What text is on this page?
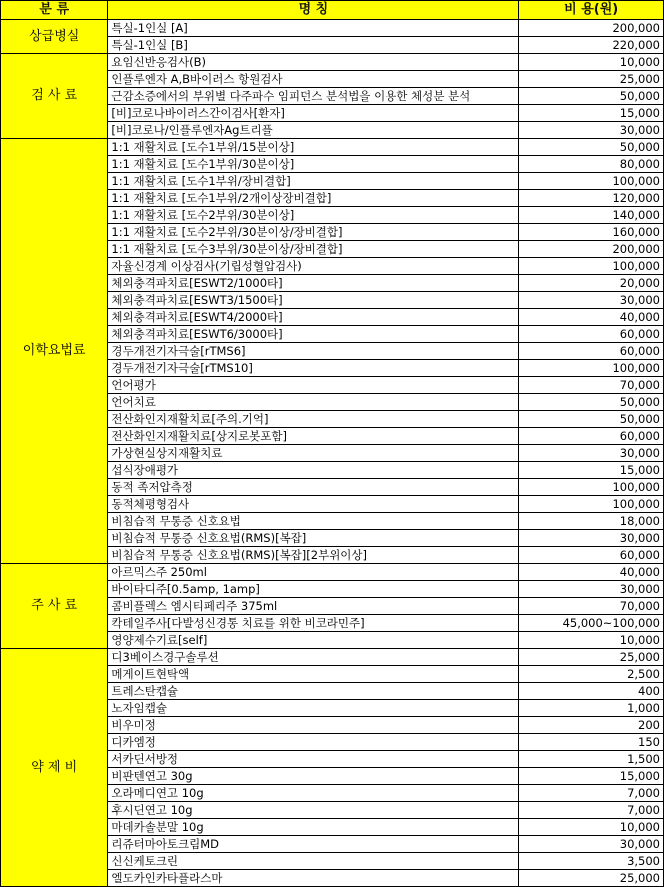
분 류	명 칭	비 용(원)
상급병실	특실-1인실 [A]	200,000
	특실-1인실 [B]	220,000
검 사 료	요임신반응검사(B)	10,000
	인플루엔자 A,B바이러스 항원검사	25,000
	근감소증에서의 부위별 다주파수 임피던스 분석법을 이용한 체성분 분석	50,000
	[비]코로나바이러스간이검사[환자]	15,000
	[비]코로나/인플루엔자Ag트리플	30,000
이학요법료	1:1 재활치료 [도수1부위/15분이상]	50,000
	1:1 재활치료 [도수1부위/30분이상]	80,000
	1:1 재활치료 [도수1부위/장비결합]	100,000
	1:1 재활치료 [도수1부위/2개이상장비결합]	120,000
	1:1 재활치료 [도수2부위/30분이상]	140,000
	1:1 재활치료 [도수2부위/30분이상/장비결합]	160,000
	1:1 재활치료 [도수3부위/30분이상/장비결합]	200,000
	자율신경계 이상검사(기립성혈압검사)	100,000
	체외충격파치료[ESWT2/1000타]	20,000
	체외충격파치료[ESWT3/1500타]	30,000
	체외충격파치료[ESWT4/2000타]	40,000
	체외충격파치료[ESWT6/3000타]	60,000
	경두개전기자극술[rTMS6]	60,000
	경두개전기자극술[rTMS10]	100,000
	언어평가	70,000
	언어치료	50,000
	전산화인지재활치료[주의.기억]	50,000
	전산화인지재활치료[상지로봇포함]	60,000
	가상현실상지재활치료	30,000
	섭식장애평가	15,000
	동적 족저압측정	100,000
	동적체평형검사	100,000
	비침습적 무통증 신호요법	18,000
	비침습적 무통증 신호요법(RMS)[복잡]	30,000
	비침습적 무통증 신호요법(RMS)[복잡][2부위이상]	60,000
주 사 료	아르믹스주 250ml	40,000
	바이타디주[0.5amp, 1amp]	30,000
	콤비플렉스 엠시티페리주 375ml	70,000
	칵테일주사[다발성신경통 치료를 위한 비코라민주]	45,000~100,000
	영양제수기료[self]	10,000
약 제 비	디3베이스경구솔루션	25,000
	메게이트현탁액	2,500
	트레스탄캡슐	400
	노자임캡슐	1,000
	비우미정	200
	디카엠정	150
	서카딘서방정	1,500
	비판텐연고 30g	15,000
	오라메디연고 10g	7,000
	후시딘연고 10g	7,000
	마데카솔분말 10g	10,000
	리쥬터마아토크림MD	30,000
	신신케토크린	3,500
	엘도카인카타플라스마	25,000
